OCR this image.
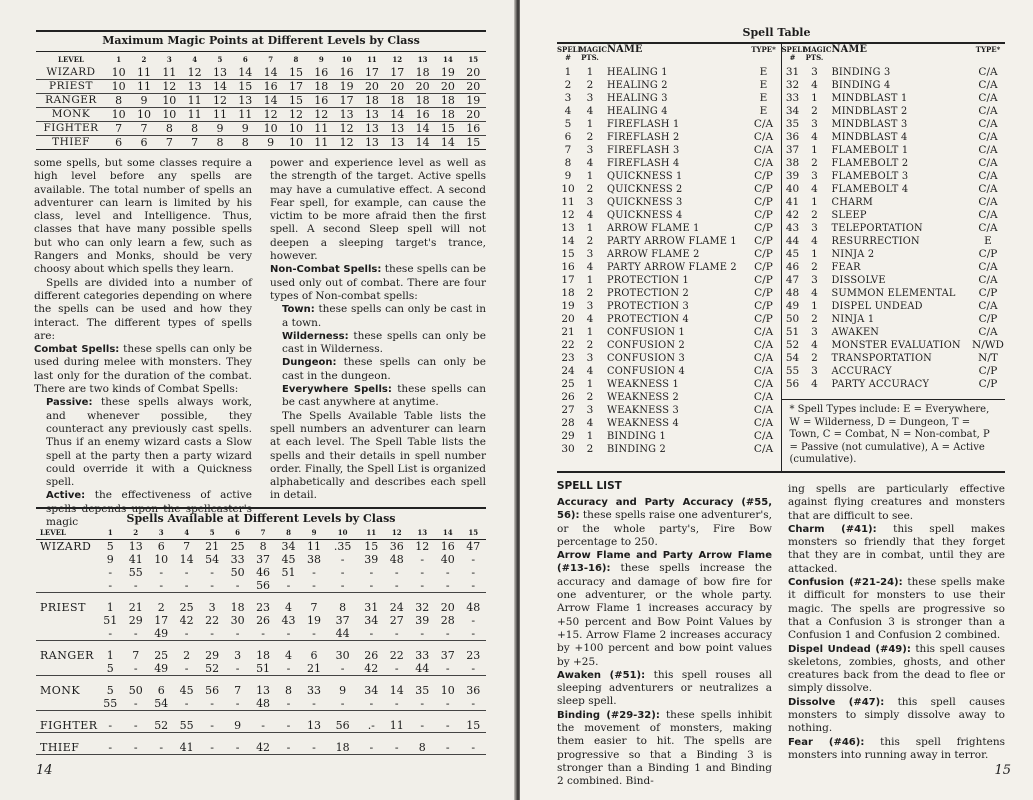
Maximum Magic Points at Different Levels by Class
LEVEL	1	2	3	4	5	6	7	8	9	10	11	12	13	14	15
WIZARD	10	11	11	12	13	14	14	15	16	16	17	17	18	19	20
PRIEST	10	11	12	13	14	15	16	17	18	19	20	20	20	20	20
RANGER	8	9	10	11	12	13	14	15	16	17	18	18	18	18	19
MONK	10	10	10	11	11	11	12	12	12	13	13	14	16	18	20
FIGHTER	7	7	8	8	9	9	10	10	11	12	13	13	14	15	16
THIEF	6	6	7	7	8	8	9	10	11	12	13	13	14	14	15

some spells, but some classes require a high level before any spells are available. The total number of spells an adventurer can learn is limited by his class, level and Intelligence. Thus, classes that have many possible spells but who can only learn a few, such as Rangers and Monks, should be very choosy about which spells they learn.

Spells are divided into a number of different categories depending on where the spells can be used and how they interact. The different types of spells are:

Combat Spells: these spells can only be used during melee with monsters. They last only for the duration of the combat. There are two kinds of Combat Spells:

Passive: these spells always work, and whenever possible, they counteract any previously cast spells. Thus if an enemy wizard casts a Slow spell at the party then a party wizard could override it with a Quickness spell.

Active: the effectiveness of active spells depends upon the spellcaster's magic

power and experience level as well as the strength of the target. Active spells may have a cumulative effect. A second Fear spell, for example, can cause the victim to be more afraid then the first spell. A second Sleep spell will not deepen a sleeping target's trance, however.

Non-Combat Spells: these spells can be used only out of combat. There are four types of Non-combat spells:

Town: these spells can only be cast in a town.

Wilderness: these spells can only be cast in Wilderness.

Dungeon: these spells can only be cast in the dungeon.

Everywhere Spells: these spells can be cast anywhere at anytime.

The Spells Available Table lists the spell numbers an adventurer can learn at each level. The Spell Table lists the spells and their details in spell number order. Finally, the Spell List is organized alphabetically and describes each spell in detail.

Spells Available at Different Levels by Class
LEVEL	1	2	3	4	5	6	7	8	9	10	11	12	13	14	15
WIZARD	5	13	6	7	21	25	8	34	11	.35	15	36	12	16	47
	9	41	10	14	54	33	37	45	38	-	39	48	-	40	-
	-	55	-	-	-	50	46	51	-	-	-	-	-	-	-
	-	-	-	-	-	-	56	-	-	-	-	-	-	-	-

PRIEST	1	21	2	25	3	18	23	4	7	8	31	24	32	20	48
	51	29	17	42	22	30	26	43	19	37	34	27	39	28	-
	-	-	49	-	-	-	-	-	-	44	-	-	-	-	-

RANGER	1	7	25	2	29	3	18	4	6	30	26	22	33	37	23
	5	-	49	-	52	-	51	-	21	-	42	-	44	-	-

MONK	5	50	6	45	56	7	13	8	33	9	34	14	35	10	36
	55	-	54	-	-	-	48	-	-	-	-	-	-	-	-

FIGHTER	-	-	52	55	-	9	-	-	13	56	.-	11	-	-	15

THIEF	-	-	-	41	-	-	42	-	-	18	-	-	8	-	-
14
Spell Table
SPELL #
MAGIC PTS.
NAME	TYPE*
1	1	HEALING 1	E
2	2	HEALING 2	E
3	3	HEALING 3	E
4	4	HEALING 4	E
5	1	FIREFLASH 1	C/A
6	2	FIREFLASH 2	C/A
7	3	FIREFLASH 3	C/A
8	4	FIREFLASH 4	C/A
9	1	QUICKNESS 1	C/P
10	2	QUICKNESS 2	C/P
11	3	QUICKNESS 3	C/P
12	4	QUICKNESS 4	C/P
13	1	ARROW FLAME 1	C/P
14	2	PARTY ARROW FLAME 1	C/P
15	3	ARROW FLAME 2	C/P
16	4	PARTY ARROW FLAME 2	C/P
17	1	PROTECTION 1	C/P
18	2	PROTECTION 2	C/P
19	3	PROTECTION 3	C/P
20	4	PROTECTION 4	C/P
21	1	CONFUSION 1	C/A
22	2	CONFUSION 2	C/A
23	3	CONFUSION 3	C/A
24	4	CONFUSION 4	C/A
25	1	WEAKNESS 1	C/A
26	2	WEAKNESS 2	C/A
27	3	WEAKNESS 3	C/A
28	4	WEAKNESS 4	C/A
29	1	BINDING 1	C/A
30	2	BINDING 2	C/A
SPELL #
MAGIC PTS.
NAME	TYPE*
31	3	BINDING 3	C/A
32	4	BINDING 4	C/A
33	1	MINDBLAST 1	C/A
34	2	MINDBLAST 2	C/A
35	3	MINDBLAST 3	C/A
36	4	MINDBLAST 4	C/A
37	1	FLAMEBOLT 1	C/A
38	2	FLAMEBOLT 2	C/A
39	3	FLAMEBOLT 3	C/A
40	4	FLAMEBOLT 4	C/A
41	1	CHARM	C/A
42	2	SLEEP	C/A
43	3	TELEPORTATION	C/A
44	4	RESURRECTION	E
45	1	NINJA 2	C/P
46	2	FEAR	C/A
47	3	DISSOLVE	C/A
48	4	SUMMON ELEMENTAL	C/P
49	1	DISPEL UNDEAD	C/A
50	2	NINJA 1	C/P
51	3	AWAKEN	C/A
52	4	MONSTER EVALUATION	N/WD
54	2	TRANSPORTATION	N/T
55	3	ACCURACY	C/P
56	4	PARTY ACCURACY	C/P
* Spell Types include: E = Everywhere, W = Wilderness, D = Dungeon, T = Town, C = Combat, N = Non-combat, P = Passive (not cumulative), A = Active (cumulative).
SPELL LIST

Accuracy and Party Accuracy (#55, 56): these spells raise one adventurer's, or the whole party's, Fire Bow percentage to 250.

Arrow Flame and Party Arrow Flame (#13-16): these spells increase the accuracy and damage of bow fire for one adventurer, or the whole party. Arrow Flame 1 increases accuracy by +50 percent and Bow Point Values by +15. Arrow Flame 2 increases accuracy by +100 percent and bow point values by +25.

Awaken (#51): this spell rouses all sleeping adventurers or neutralizes a sleep spell.

Binding (#29-32): these spells inhibit the movement of monsters, making them easier to hit. The spells are progressive so that a Binding 3 is stronger than a Binding 1 and Binding 2 combined. Bind-

ing spells are particularly effective against flying creatures and monsters that are difficult to see.

Charm (#41): this spell makes monsters so friendly that they forget that they are in combat, until they are attacked.

Confusion (#21-24): these spells make it difficult for monsters to use their magic. The spells are progressive so that a Confusion 3 is stronger than a Confusion 1 and Confusion 2 combined.

Dispel Undead (#49): this spell causes skeletons, zombies, ghosts, and other creatures back from the dead to flee or simply dissolve.

Dissolve (#47): this spell causes monsters to simply dissolve away to nothing.

Fear (#46): this spell frightens monsters into running away in terror.

15
